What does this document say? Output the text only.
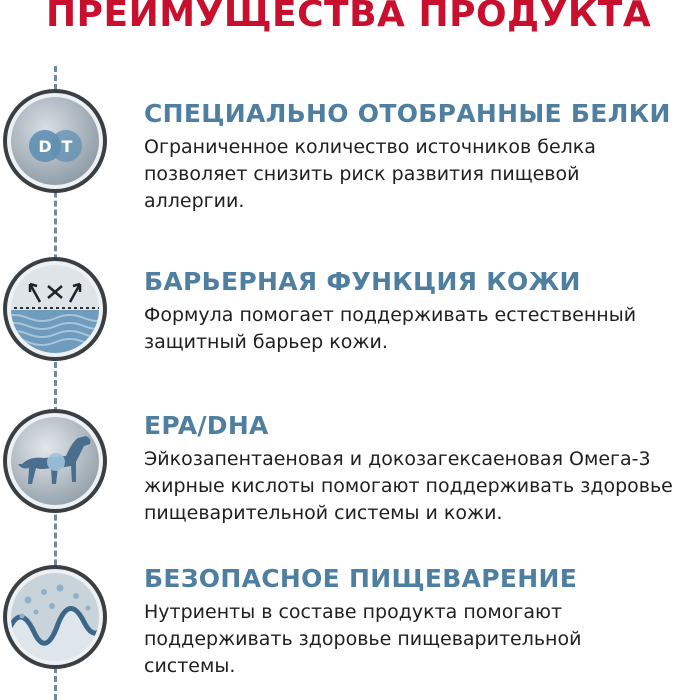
ПРЕИМУЩЕСТВА ПРОДУКТА
D T
СПЕЦИАЛЬНО ОТОБРАННЫЕ БЕЛКИ

Ограниченное количество источников белка позволяет снизить риск развития пищевой аллергии.

БАРЬЕРНАЯ ФУНКЦИЯ КОЖИ

Формула помогает поддерживать естественный защитный барьер кожи.

EPA/DHA

Эйкозапентаеновая и докозагексаеновая Омега-3 жирные кислоты помогают поддерживать здоровье пищеварительной системы и кожи.

БЕЗОПАСНОЕ ПИЩЕВАРЕНИЕ

Нутриенты в составе продукта помогают поддерживать здоровье пищеварительной системы.
